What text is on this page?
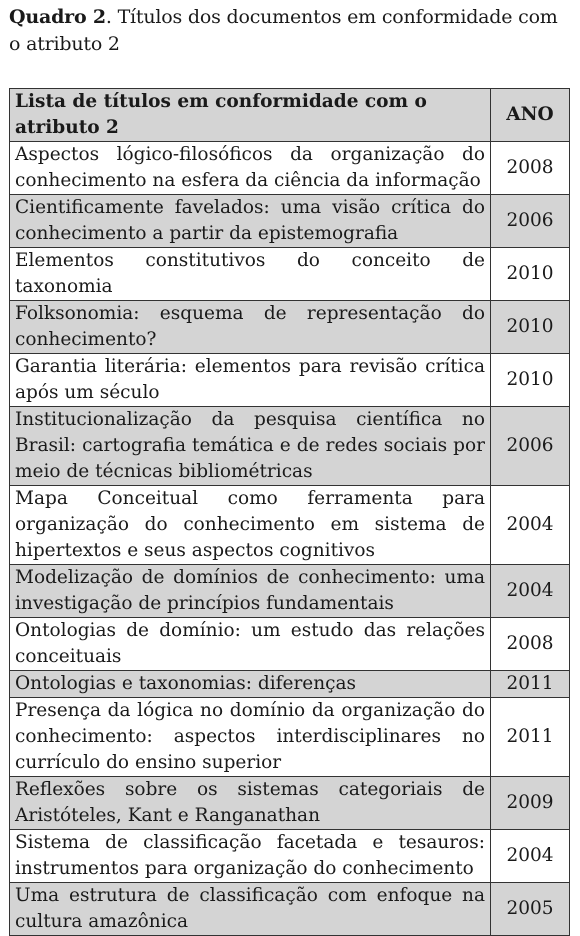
Quadro 2. Títulos dos documentos em conformidade com o atributo 2
Lista de títulos em conformidade com o atributo 2	ANO
Aspectos lógico-filosóficos da organização do conhecimento na esfera da ciência da informação	2008
Cientificamente favelados: uma visão crítica do conhecimento a partir da epistemografia	2006
Elementos constitutivos do conceito de taxonomia	2010
Folksonomia: esquema de representação do conhecimento?	2010
Garantia literária: elementos para revisão crítica após um século	2010
Institucionalização da pesquisa científica no Brasil: cartografia temática e de redes sociais por meio de técnicas bibliométricas	2006
Mapa Conceitual como ferramenta para organização do conhecimento em sistema de hipertextos e seus aspectos cognitivos	2004
Modelização de domínios de conhecimento: uma investigação de princípios fundamentais	2004
Ontologias de domínio: um estudo das relações conceituais	2008
Ontologias e taxonomias: diferenças	2011
Presença da lógica no domínio da organização do conhecimento: aspectos interdisciplinares no currículo do ensino superior	2011
Reflexões sobre os sistemas categoriais de Aristóteles, Kant e Ranganathan	2009
Sistema de classificação facetada e tesauros: instrumentos para organização do conhecimento	2004
Uma estrutura de classificação com enfoque na cultura amazônica	2005
